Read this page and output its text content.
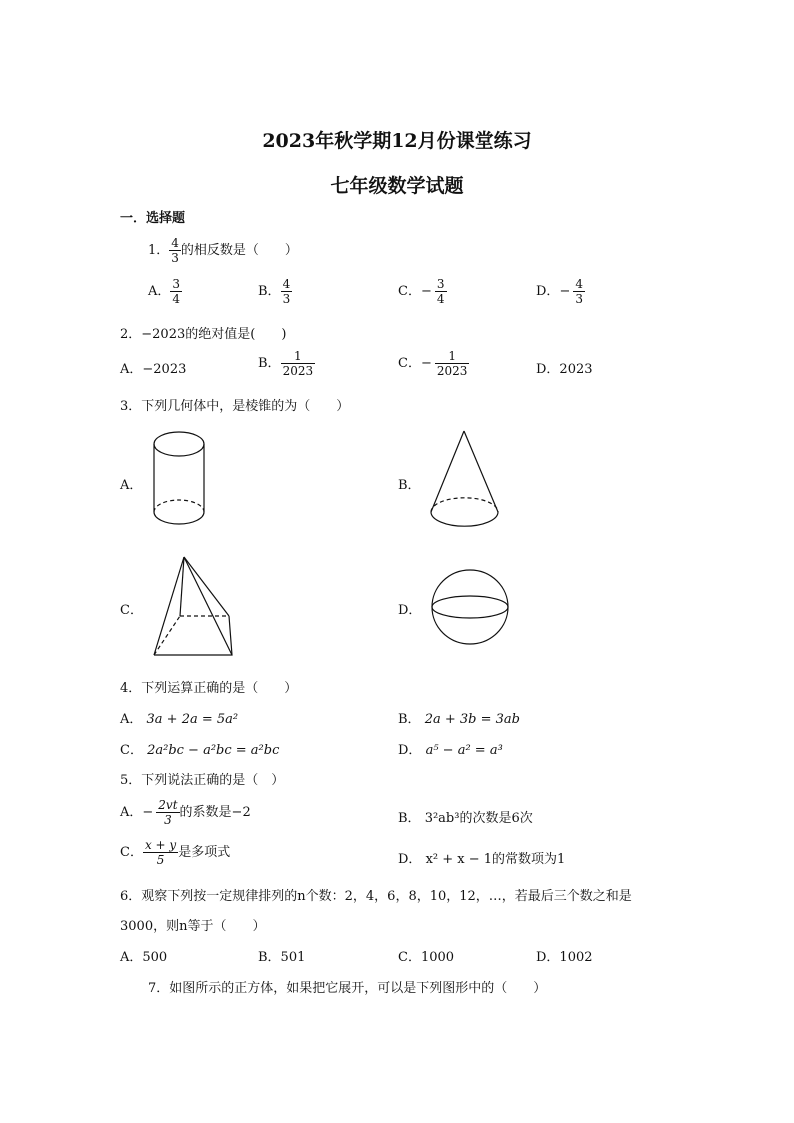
2023年秋学期12月份课堂练习
七年级数学试题
一．选择题
1． $\frac{4}{3}$ 的相反数是（　　）
A． $\frac{3}{4}$	B． $\frac{4}{3}$	C．− $\frac{3}{4}$	D．− $\frac{4}{3}$
2．−2023的绝对值是(　　)
A．−2023	B． $\frac{1}{2023}$	C．− $\frac{1}{2023}$	D．2023
3．下列几何体中，是棱锥的为（　　）
A．	B．
C．	D．
4．下列运算正确的是（　　）
A． 3a + 2a = 5a²	B． 2a + 3b = 3ab
C． 2a²bc − a²bc = a²bc	D． a⁵ − a² = a³
5．下列说法正确的是（　）
A．− $\frac{2vt}{3}$ 的系数是−2	B． 3²ab³的次数是6次
C． $\frac{x + y}{5}$ 是多项式	D． x² + x − 1的常数项为1
6．观察下列按一定规律排列的n个数：2，4，6，8，10，12，…，若最后三个数之和是
3000，则n等于（　　）
A．500	B．501	C．1000	D．1002
7．如图所示的正方体，如果把它展开，可以是下列图形中的（　　）
